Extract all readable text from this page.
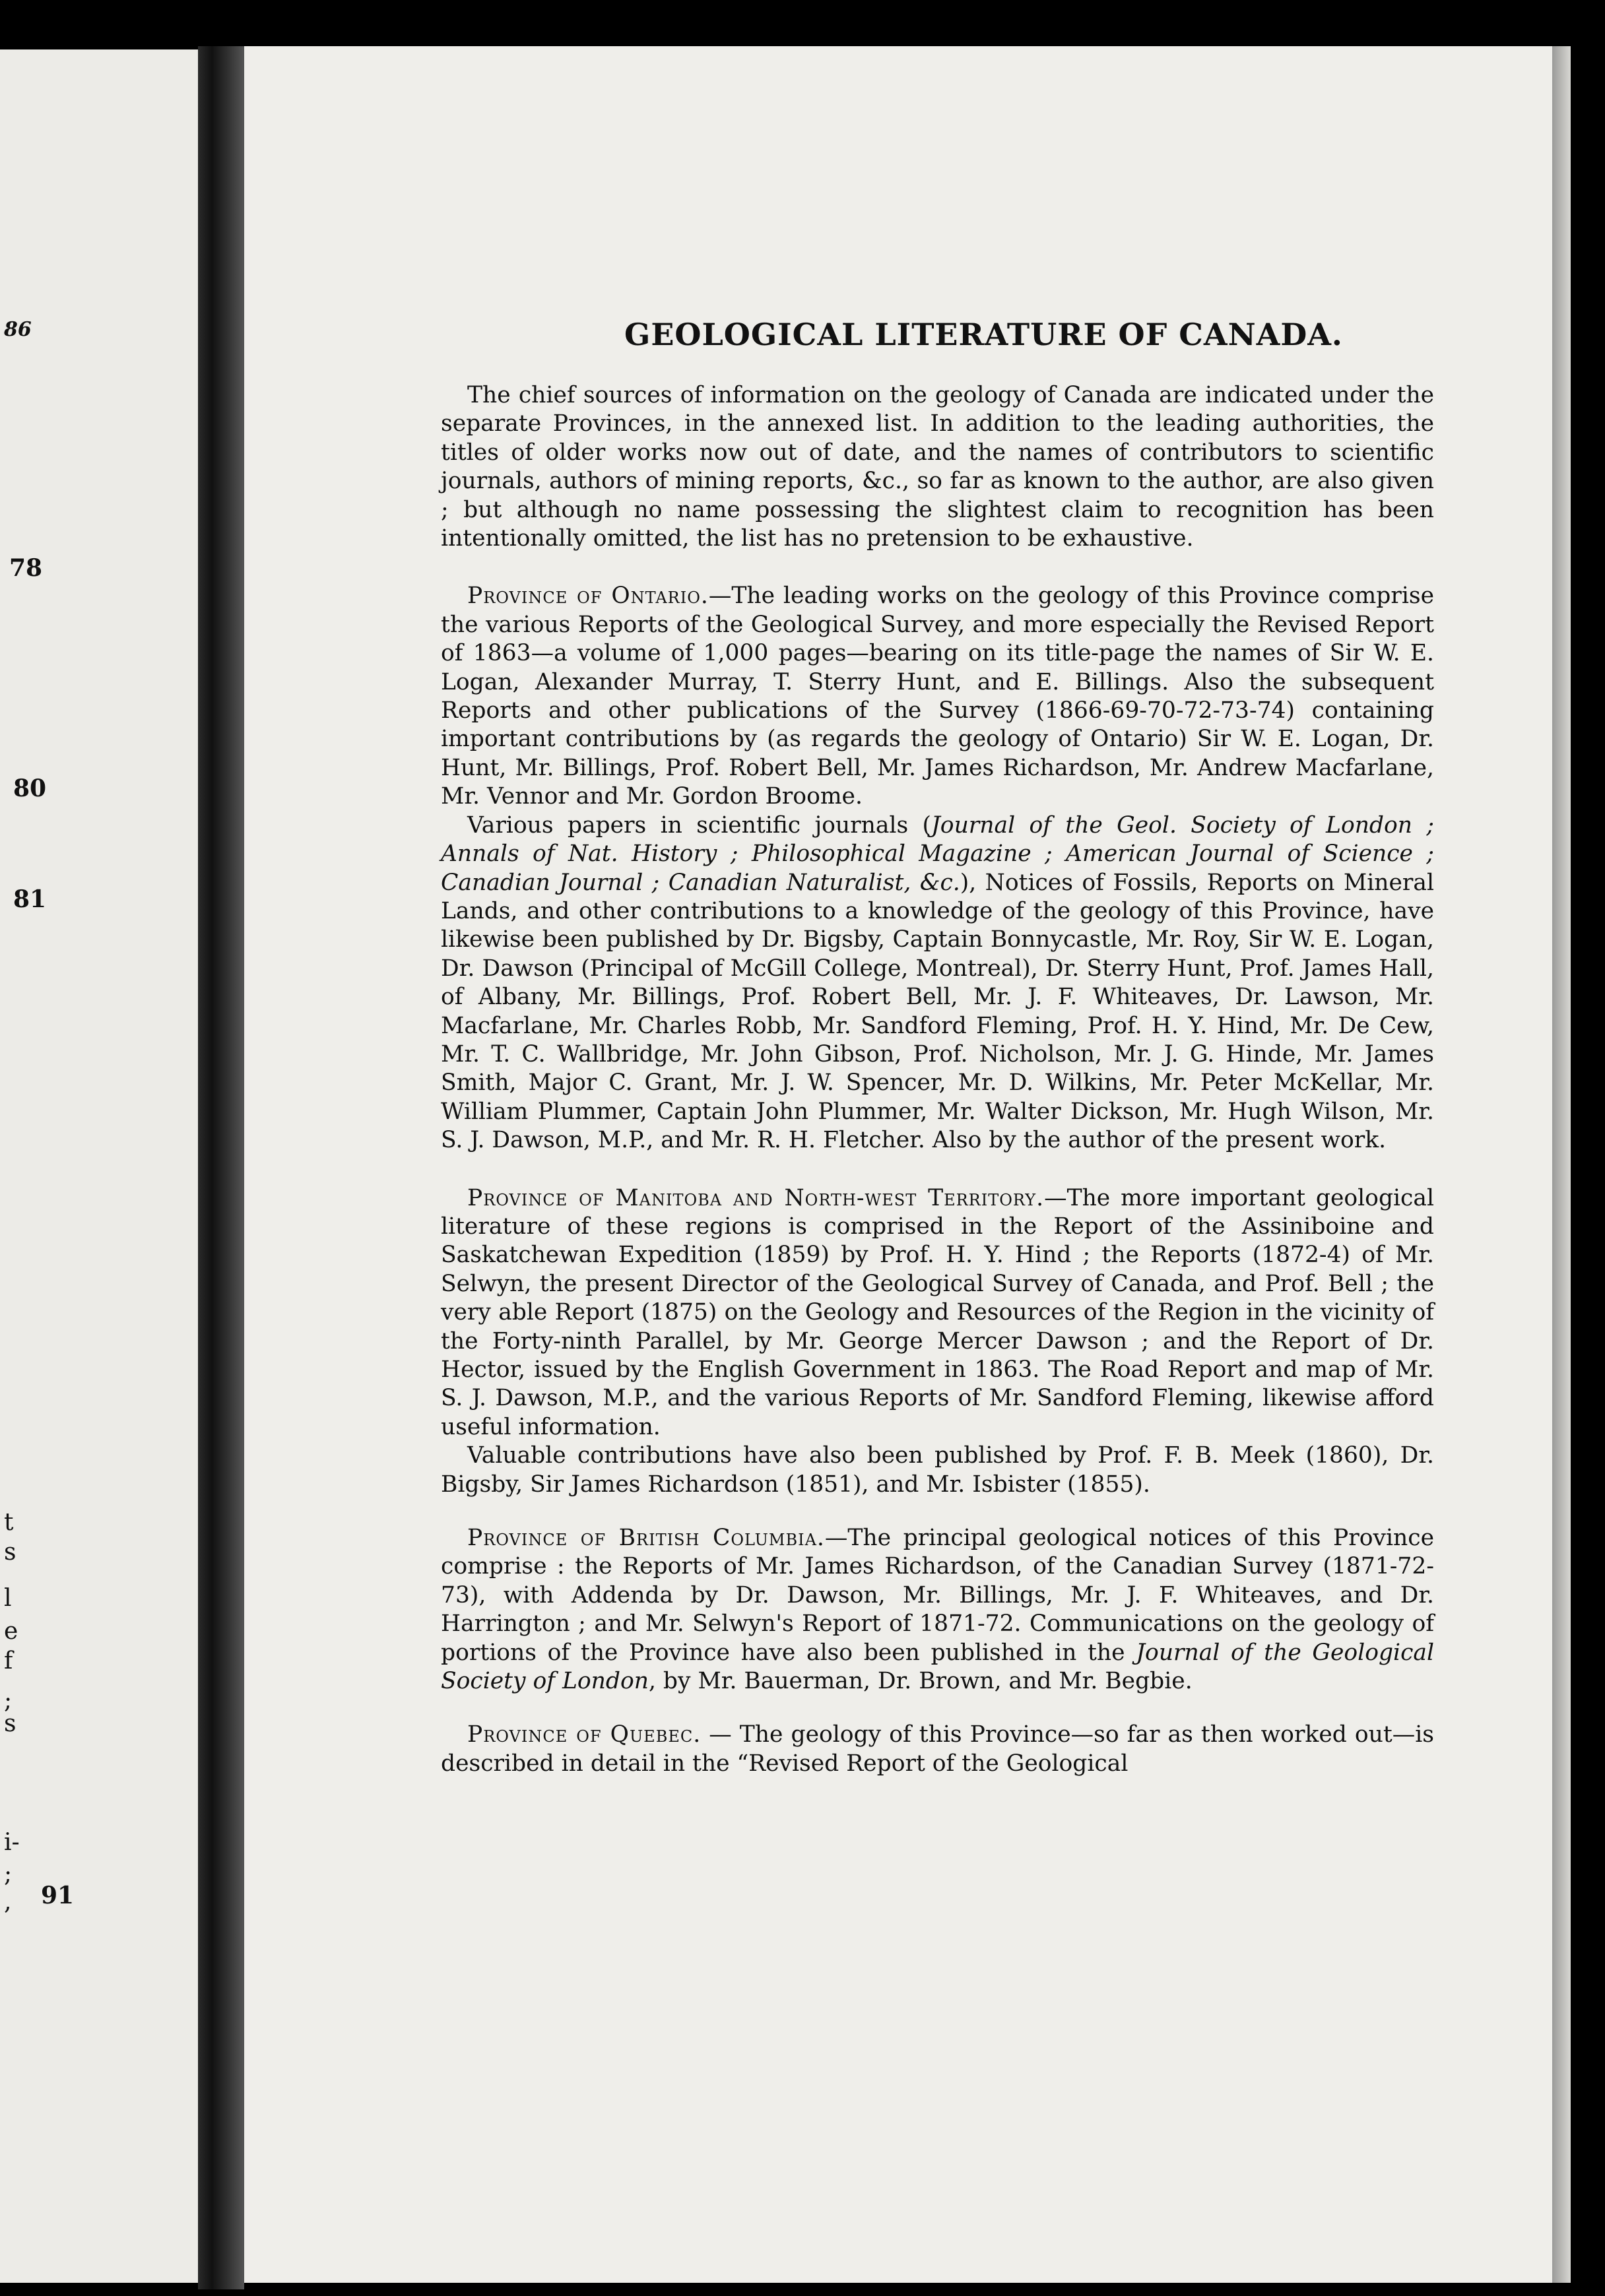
86
78
80
81
t
s
l
e
f
;
s
i-
;
, 91
GEOLOGICAL LITERATURE OF CANADA.

The chief sources of information on the geology of Canada are indicated under the separate Provinces, in the annexed list. In addition to the leading authorities, the titles of older works now out of date, and the names of contributors to scientific journals, authors of mining reports, &c., so far as known to the author, are also given ; but although no name possessing the slightest claim to recognition has been intentionally omitted, the list has no pretension to be exhaustive.

Province of Ontario.—The leading works on the geology of this Province comprise the various Reports of the Geological Survey, and more especially the Revised Report of 1863—a volume of 1,000 pages—bearing on its title-page the names of Sir W. E. Logan, Alexander Murray, T. Sterry Hunt, and E. Billings. Also the subsequent Reports and other publications of the Survey (1866-69-70-72-73-74) containing important contributions by (as regards the geology of Ontario) Sir W. E. Logan, Dr. Hunt, Mr. Billings, Prof. Robert Bell, Mr. James Richardson, Mr. Andrew Macfarlane, Mr. Vennor and Mr. Gordon Broome.

Various papers in scientific journals (Journal of the Geol. Society of London ; Annals of Nat. History ; Philosophical Magazine ; American Journal of Science ; Canadian Journal ; Canadian Naturalist, &c.), Notices of Fossils, Reports on Mineral Lands, and other contributions to a knowledge of the geology of this Province, have likewise been published by Dr. Bigsby, Captain Bonnycastle, Mr. Roy, Sir W. E. Logan, Dr. Dawson (Principal of McGill College, Montreal), Dr. Sterry Hunt, Prof. James Hall, of Albany, Mr. Billings, Prof. Robert Bell, Mr. J. F. Whiteaves, Dr. Lawson, Mr. Macfarlane, Mr. Charles Robb, Mr. Sandford Fleming, Prof. H. Y. Hind, Mr. De Cew, Mr. T. C. Wallbridge, Mr. John Gibson, Prof. Nicholson, Mr. J. G. Hinde, Mr. James Smith, Major C. Grant, Mr. J. W. Spencer, Mr. D. Wilkins, Mr. Peter McKellar, Mr. William Plummer, Captain John Plummer, Mr. Walter Dickson, Mr. Hugh Wilson, Mr. S. J. Dawson, M.P., and Mr. R. H. Fletcher. Also by the author of the present work.

Province of Manitoba and North-west Territory.—The more important geological literature of these regions is comprised in the Report of the Assiniboine and Saskatchewan Expedition (1859) by Prof. H. Y. Hind ; the Reports (1872-4) of Mr. Selwyn, the present Director of the Geological Survey of Canada, and Prof. Bell ; the very able Report (1875) on the Geology and Resources of the Region in the vicinity of the Forty-ninth Parallel, by Mr. George Mercer Dawson ; and the Report of Dr. Hector, issued by the English Government in 1863. The Road Report and map of Mr. S. J. Dawson, M.P., and the various Reports of Mr. Sandford Fleming, likewise afford useful information.

Valuable contributions have also been published by Prof. F. B. Meek (1860), Dr. Bigsby, Sir James Richardson (1851), and Mr. Isbister (1855).

Province of British Columbia.—The principal geological notices of this Province comprise : the Reports of Mr. James Richardson, of the Canadian Survey (1871-72-73), with Addenda by Dr. Dawson, Mr. Billings, Mr. J. F. Whiteaves, and Dr. Harrington ; and Mr. Selwyn's Report of 1871-72. Communications on the geology of portions of the Province have also been published in the Journal of the Geological Society of London, by Mr. Bauerman, Dr. Brown, and Mr. Begbie.

Province of Quebec. — The geology of this Province—so far as then worked out—is described in detail in the “Revised Report of the Geological
